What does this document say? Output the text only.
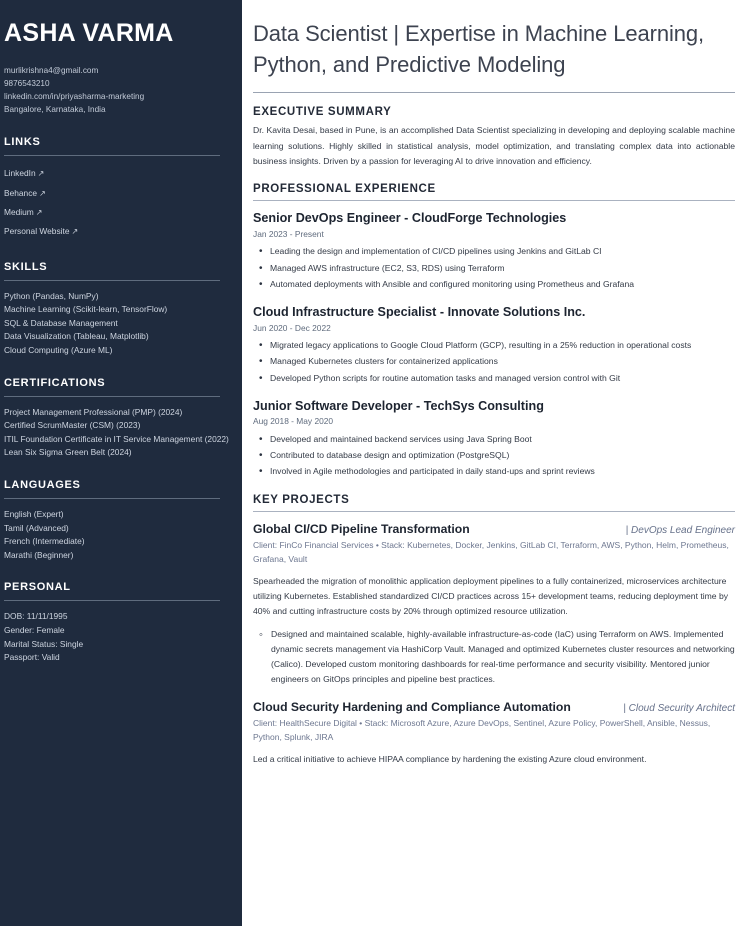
ASHA VARMA
murlikrishna4@gmail.com
9876543210
linkedin.com/in/priyasharma-marketing
Bangalore, Karnataka, India
LINKS
LinkedIn ↗
Behance ↗
Medium ↗
Personal Website ↗
SKILLS
Python (Pandas, NumPy)
Machine Learning (Scikit-learn, TensorFlow)
SQL & Database Management
Data Visualization (Tableau, Matplotlib)
Cloud Computing (Azure ML)
CERTIFICATIONS
Project Management Professional (PMP) (2024)
Certified ScrumMaster (CSM) (2023)
ITIL Foundation Certificate in IT Service Management (2022)
Lean Six Sigma Green Belt (2024)
LANGUAGES
English (Expert)
Tamil (Advanced)
French (Intermediate)
Marathi (Beginner)
PERSONAL
DOB: 11/11/1995
Gender: Female
Marital Status: Single
Passport: Valid
Data Scientist | Expertise in Machine Learning, Python, and Predictive Modeling
EXECUTIVE SUMMARY

Dr. Kavita Desai, based in Pune, is an accomplished Data Scientist specializing in developing and deploying scalable machine learning solutions. Highly skilled in statistical analysis, model optimization, and translating complex data into actionable business insights. Driven by a passion for leveraging AI to drive innovation and efficiency.

PROFESSIONAL EXPERIENCE
Senior DevOps Engineer - CloudForge Technologies
Jan 2023 - Present
• Leading the design and implementation of CI/CD pipelines using Jenkins and GitLab CI
• Managed AWS infrastructure (EC2, S3, RDS) using Terraform
• Automated deployments with Ansible and configured monitoring using Prometheus and Grafana
Cloud Infrastructure Specialist - Innovate Solutions Inc.
Jun 2020 - Dec 2022
• Migrated legacy applications to Google Cloud Platform (GCP), resulting in a 25% reduction in operational costs
• Managed Kubernetes clusters for containerized applications
• Developed Python scripts for routine automation tasks and managed version control with Git
Junior Software Developer - TechSys Consulting
Aug 2018 - May 2020
• Developed and maintained backend services using Java Spring Boot
• Contributed to database design and optimization (PostgreSQL)
• Involved in Agile methodologies and participated in daily stand-ups and sprint reviews
KEY PROJECTS
Global CI/CD Pipeline Transformation	| DevOps Lead Engineer
Client: FinCo Financial Services • Stack: Kubernetes, Docker, Jenkins, GitLab CI, Terraform, AWS, Python, Helm, Prometheus, Grafana, Vault

Spearheaded the migration of monolithic application deployment pipelines to a fully containerized, microservices architecture utilizing Kubernetes. Established standardized CI/CD practices across 15+ development teams, reducing deployment time by 40% and cutting infrastructure costs by 20% through optimized resource utilization.

◦ Designed and maintained scalable, highly-available infrastructure-as-code (IaC) using Terraform on AWS. Implemented dynamic secrets management via HashiCorp Vault. Managed and optimized Kubernetes cluster resources and networking (Calico). Developed custom monitoring dashboards for real-time performance and security visibility. Mentored junior engineers on GitOps principles and pipeline best practices.
Cloud Security Hardening and Compliance Automation	| Cloud Security Architect
Client: HealthSecure Digital • Stack: Microsoft Azure, Azure DevOps, Sentinel, Azure Policy, PowerShell, Ansible, Nessus, Python, Splunk, JIRA

Led a critical initiative to achieve HIPAA compliance by hardening the existing Azure cloud environment.
